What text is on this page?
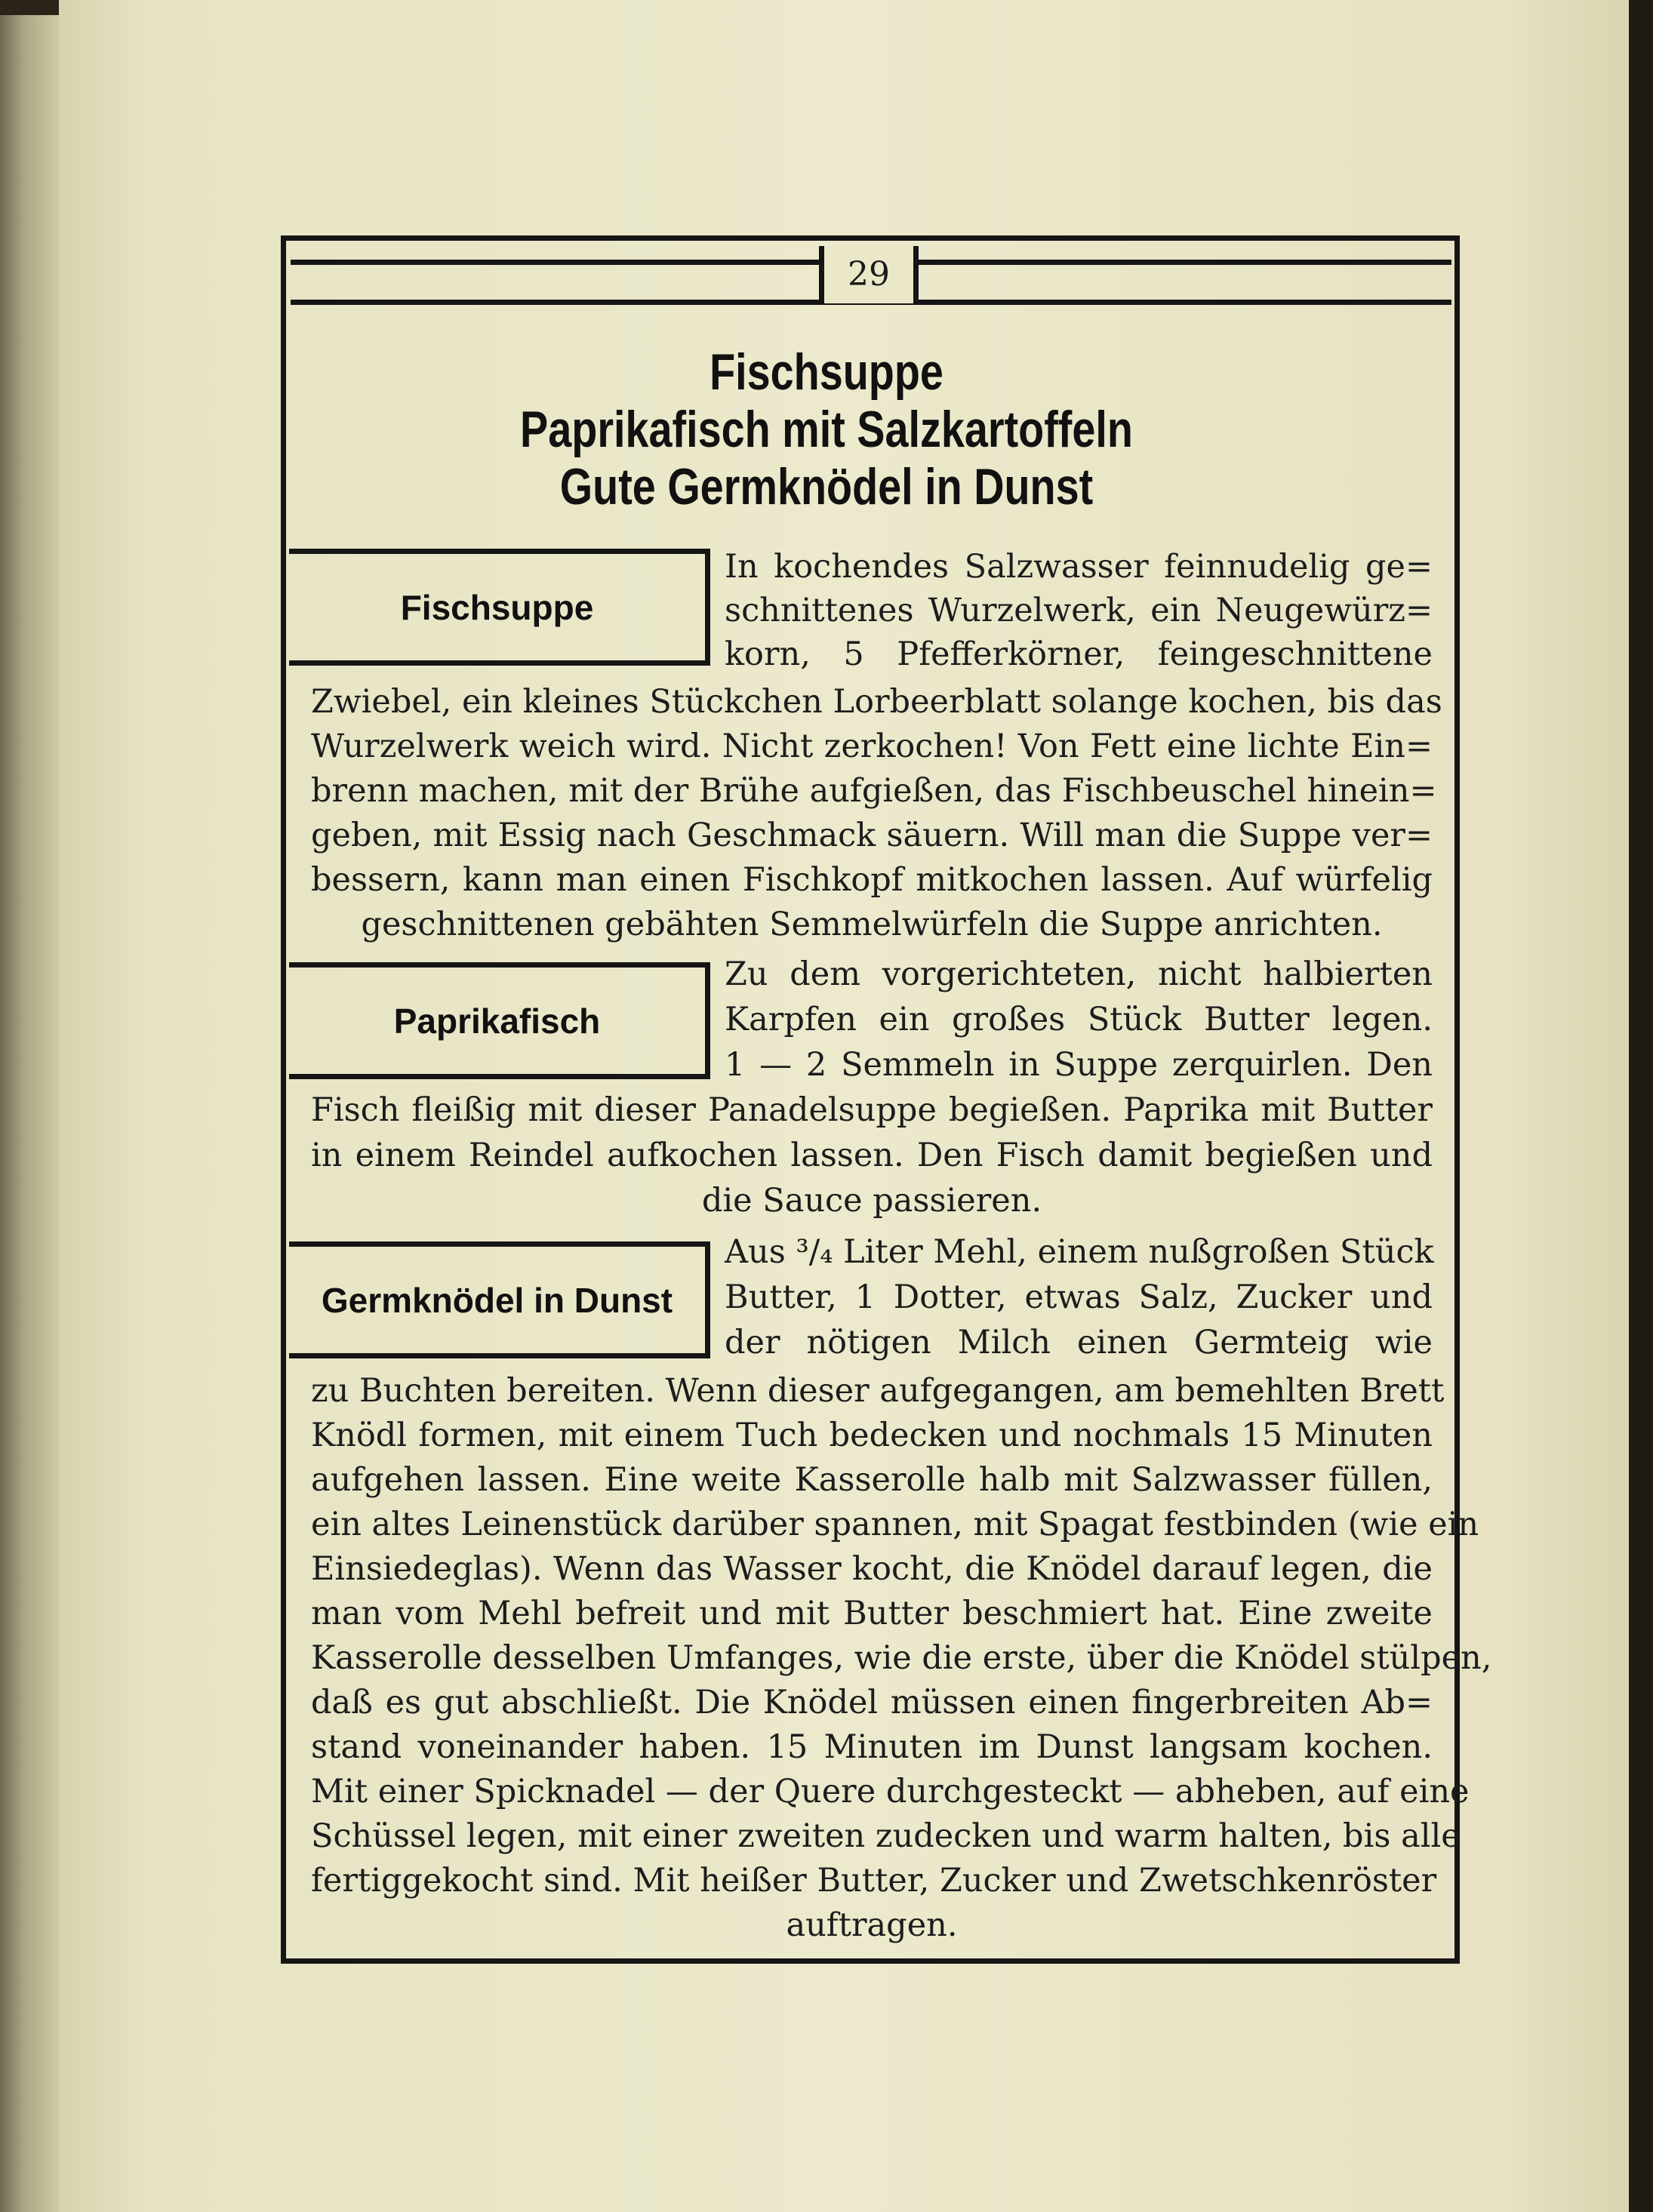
29
Fischsuppe
Paprikafisch mit Salzkartoffeln
Gute Germknödel in Dunst
Fischsuppe
In kochendes Salzwasser feinnudelig ge=
schnittenes Wurzelwerk, ein Neugewürz=
korn, 5 Pfefferkörner, feingeschnittene
Zwiebel, ein kleines Stückchen Lorbeerblatt solange kochen, bis das
Wurzelwerk weich wird. Nicht zerkochen! Von Fett eine lichte Ein=
brenn machen, mit der Brühe aufgießen, das Fischbeuschel hinein=
geben, mit Essig nach Geschmack säuern. Will man die Suppe ver=
bessern, kann man einen Fischkopf mitkochen lassen. Auf würfelig
geschnittenen gebähten Semmelwürfeln die Suppe anrichten.
Paprikafisch
Zu dem vorgerichteten, nicht halbierten
Karpfen ein großes Stück Butter legen.
1 — 2 Semmeln in Suppe zerquirlen. Den
Fisch fleißig mit dieser Panadelsuppe begießen. Paprika mit Butter
in einem Reindel aufkochen lassen. Den Fisch damit begießen und
die Sauce passieren.
Germknödel in Dunst
Aus ³/₄ Liter Mehl, einem nußgroßen Stück
Butter, 1 Dotter, etwas Salz, Zucker und
der nötigen Milch einen Germteig wie
zu Buchten bereiten. Wenn dieser aufgegangen, am bemehlten Brett
Knödl formen, mit einem Tuch bedecken und nochmals 15 Minuten
aufgehen lassen. Eine weite Kasserolle halb mit Salzwasser füllen,
ein altes Leinenstück darüber spannen, mit Spagat festbinden (wie ein
Einsiedeglas). Wenn das Wasser kocht, die Knödel darauf legen, die
man vom Mehl befreit und mit Butter beschmiert hat. Eine zweite
Kasserolle desselben Umfanges, wie die erste, über die Knödel stülpen,
daß es gut abschließt. Die Knödel müssen einen fingerbreiten Ab=
stand voneinander haben. 15 Minuten im Dunst langsam kochen.
Mit einer Spicknadel — der Quere durchgesteckt — abheben, auf eine
Schüssel legen, mit einer zweiten zudecken und warm halten, bis alle
fertiggekocht sind. Mit heißer Butter, Zucker und Zwetschkenröster
auftragen.
